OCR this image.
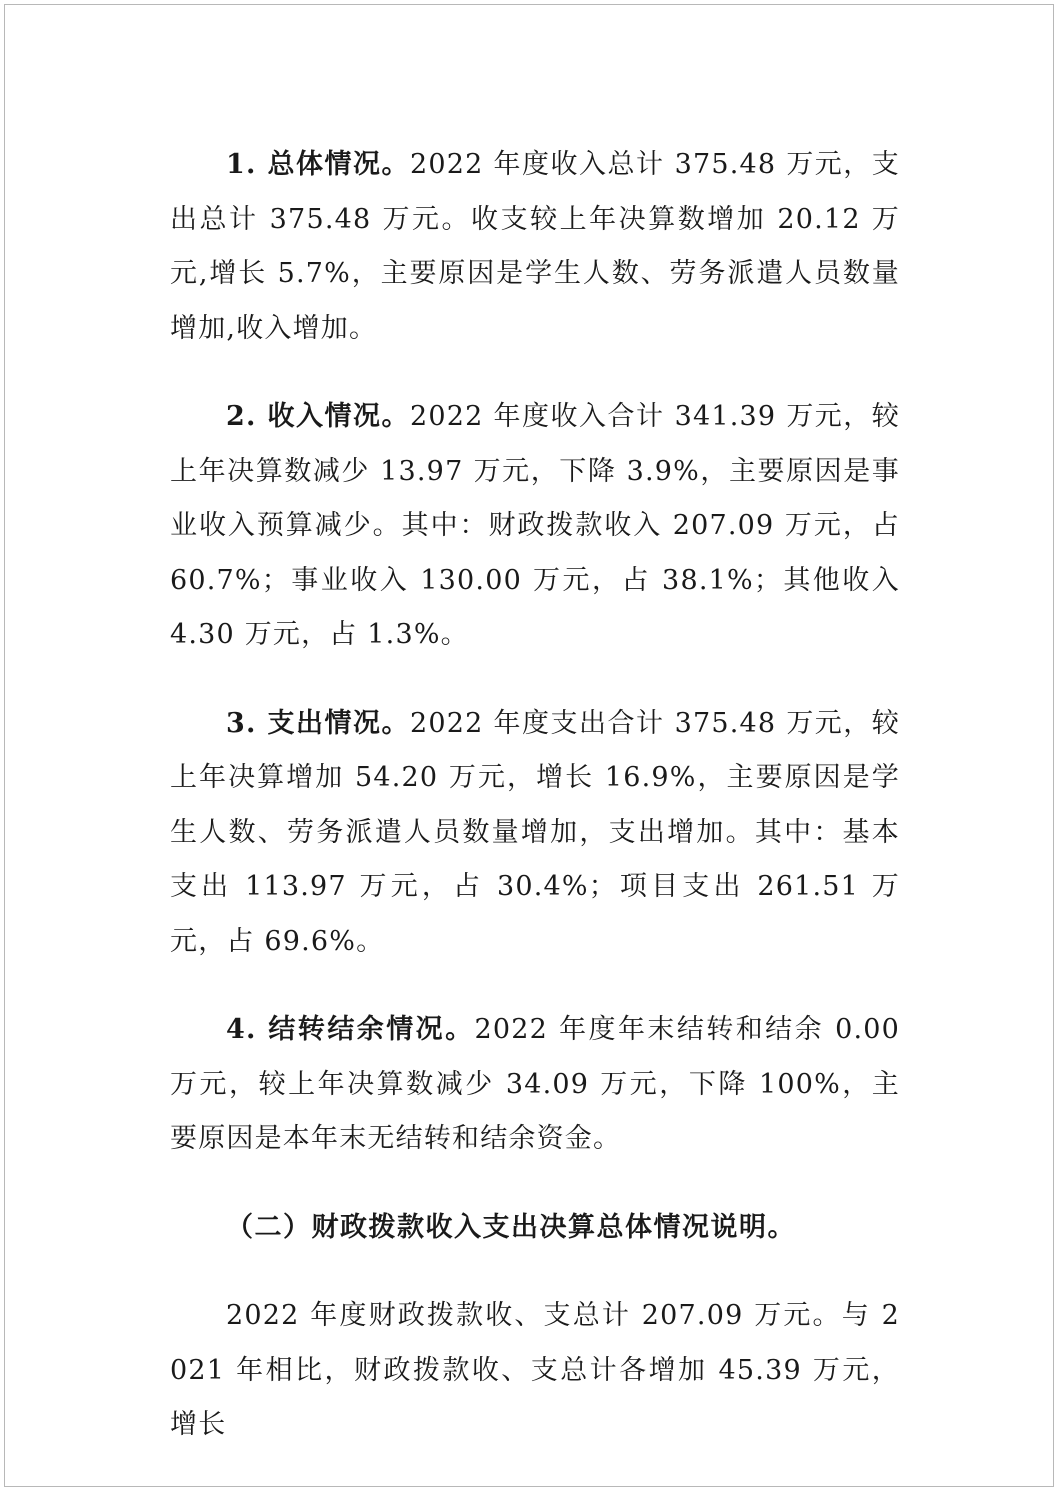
1. 总体情况。2022 年度收入总计 375.48 万元，支出总计 375.48 万元。收支较上年决算数增加 20.12 万元,增长 5.7%，主要原因是学生人数、劳务派遣人员数量增加,收入增加。

2. 收入情况。2022 年度收入合计 341.39 万元，较上年决算数减少 13.97 万元，下降 3.9%，主要原因是事业收入预算减少。其中：财政拨款收入 207.09 万元，占 60.7%；事业收入 130.00 万元，占 38.1%；其他收入 4.30 万元，占 1.3%。

3. 支出情况。2022 年度支出合计 375.48 万元，较上年决算增加 54.20 万元，增长 16.9%，主要原因是学生人数、劳务派遣人员数量增加，支出增加。其中：基本支出 113.97 万元，占 30.4%；项目支出 261.51 万元，占 69.6%。

4. 结转结余情况。2022 年度年末结转和结余 0.00 万元，较上年决算数减少 34.09 万元，下降 100%，主要原因是本年末无结转和结余资金。

（二）财政拨款收入支出决算总体情况说明。

2022 年度财政拨款收、支总计 207.09 万元。与 2021 年相比，财政拨款收、支总计各增加 45.39 万元，增长
